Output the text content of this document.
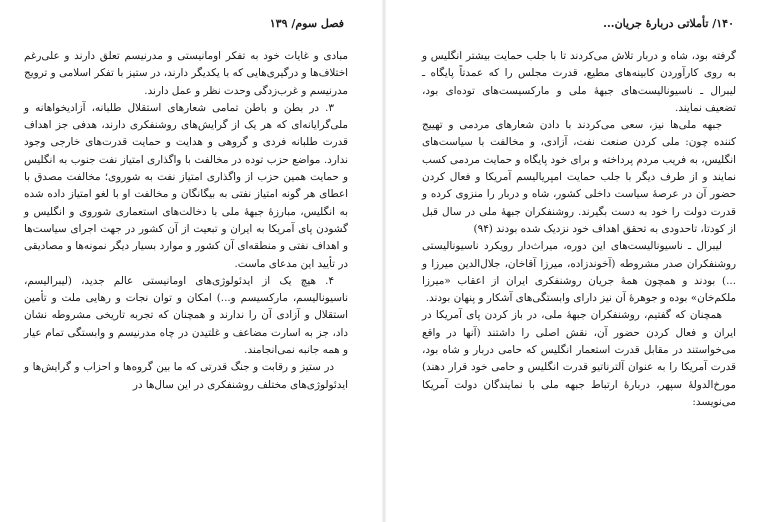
فصل سوم/ ۱۳۹

مبادی و غایات خود به تفکر اومانیستی و مدرنیسم تعلق دارند و علی‌رغم اختلاف‌ها و درگیری‌هایی که با یکدیگر دارند، در ستیز با تفکر اسلامی و ترویج مدرنیسم و غرب‌زدگی وحدت نظر و عمل دارند.

۳. در بطن و باطن تمامی شعارهای استقلال طلبانه، آزادیخواهانه و ملی‌گرایانه‌ای که هر یک از گرایش‌های روشنفکری دارند، هدفی جز اهداف قدرت طلبانه فردی و گروهی و هدایت و حمایت قدرت‌های خارجی وجود ندارد. مواضع حزب توده در مخالفت با واگذاری امتیاز نفت جنوب به انگلیس و حمایت همین حزب از واگذاری امتیاز نفت به شوروی؛ مخالفت مصدق با اعطای هر گونه امتیاز نفتی به بیگانگان و مخالفت او با لغو امتیاز داده شده به انگلیس، مبارزهٔ جبههٔ ملی با دخالت‌های استعماری شوروی و انگلیس و گشودن پای آمریکا به ایران و تبعیت از آن کشور در جهت اجرای سیاست‌ها و اهداف نفتی و منطقه‌ای آن کشور و موارد بسیار دیگر نمونه‌ها و مصادیقی در تأیید این مدعای ماست.

۴. هیچ یک از ایدئولوژی‌های اومانیستی عالم جدید، (لیبرالیسم، ناسیونالیسم، مارکسیسم و...) امکان و توان نجات و رهایی ملت و تأمین استقلال و آزادی آن را ندارند و همچنان که تجربه تاریخی مشروطه نشان داد، جز به اسارت مضاعف و غلتیدن در چاه مدرنیسم و وابستگی تمام عیار و همه جانبه نمی‌انجامند.

در ستیز و رقابت و جنگ قدرتی که ما بین گروه‌ها و احزاب و گرایش‌ها و ایدئولوژی‌های مختلف روشنفکری در این سال‌ها در

۱۴۰/ تأملاتی دربارهٔ جریان...

گرفته بود، شاه و دربار تلاش می‌کردند تا با جلب حمایت بیشتر انگلیس و به روی کارآوردن کابینه‌های مطیع، قدرت مجلس را که عمدتاً پایگاه ـ لیبرال ـ ناسیونالیست‌های جبههٔ ملی و مارکسیست‌های توده‌ای بود، تضعیف نمایند.

جبهه ملی‌ها نیز، سعی می‌کردند با دادن شعارهای مردمی و تهییج کننده چون: ملی کردن صنعت نفت، آزادی، و مخالفت با سیاست‌های انگلیس، به فریب مردم پرداخته و برای خود پایگاه و حمایت مردمی کسب نمایند و از طرف دیگر با جلب حمایت امپریالیسم آمریکا و فعال کردن حضور آن در عرصهٔ سیاست داخلی کشور، شاه و دربار را منزوی کرده و قدرت دولت را خود به دست بگیرند. روشنفکران جبههٔ ملی در سال قبل از کودتا، تاحدودی به تحقق اهداف خود نزدیک شده بودند (۹۴)

لیبرال ـ ناسیونالیست‌های این دوره، میراث‌دار رویکرد ناسیونالیستی روشنفکران صدر مشروطه (آخوندزاده، میرزا آقاخان، جلال‌الدین میرزا و ...) بودند و همچون همهٔ جریان روشنفکری ایران از اعقاب «میرزا ملکم‌خان» بوده و جوهرهٔ آن نیز دارای وابستگی‌های آشکار و پنهان بودند.

همچنان که گفتیم، روشنفکران جبههٔ ملی، در باز کردن پای آمریکا در ایران و فعال کردن حضور آن، نقش اصلی را داشتند (آنها در واقع می‌خواستند در مقابل قدرت استعمار انگلیس که حامی دربار و شاه بود، قدرت آمریکا را به عنوان آلترناتیو قدرت انگلیس و حامی خود قرار دهند) مورخ‌الدولهٔ سپهر، دربارهٔ ارتباط جبهه ملی با نمایندگان دولت آمریکا می‌نویسد:
